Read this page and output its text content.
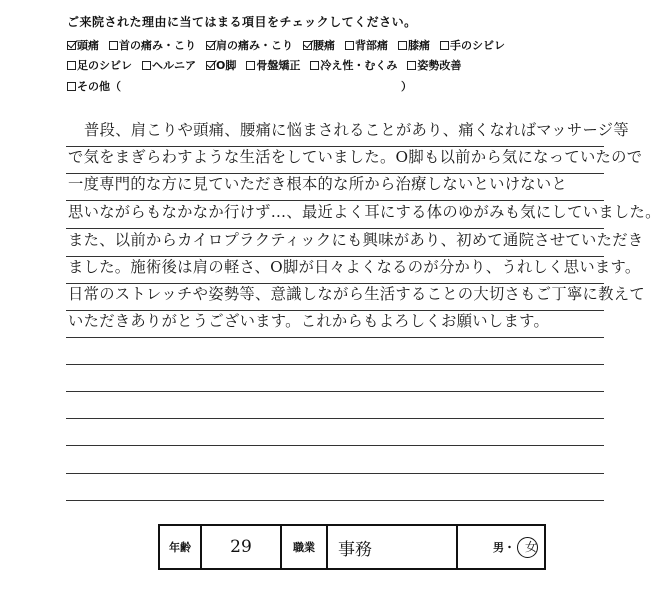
ご来院された理由に当てはまる項目をチェックしてください。
頭痛 首の痛み・こり 肩の痛み・こり 腰痛 背部痛 膝痛 手のシビレ
足のシビレ ヘルニア O脚 骨盤矯正 冷え性・むくみ 姿勢改善
その他（	）
普段、肩こりや頭痛、腰痛に悩まされることがあり、痛くなればマッサージ等
で気をまぎらわすような生活をしていました。O脚も以前から気になっていたので
一度専門的な方に見ていただき根本的な所から治療しないといけないと
思いながらもなかなか行けず…、最近よく耳にする体のゆがみも気にしていました。
また、以前からカイロプラクティックにも興味があり、初めて通院させていただき
ました。施術後は肩の軽さ、O脚が日々よくなるのが分かり、うれしく思います。
日常のストレッチや姿勢等、意識しながら生活することの大切さもご丁寧に教えて
いただきありがとうございます。これからもよろしくお願いします。
年齢	29	職業	事務	男・ 女
